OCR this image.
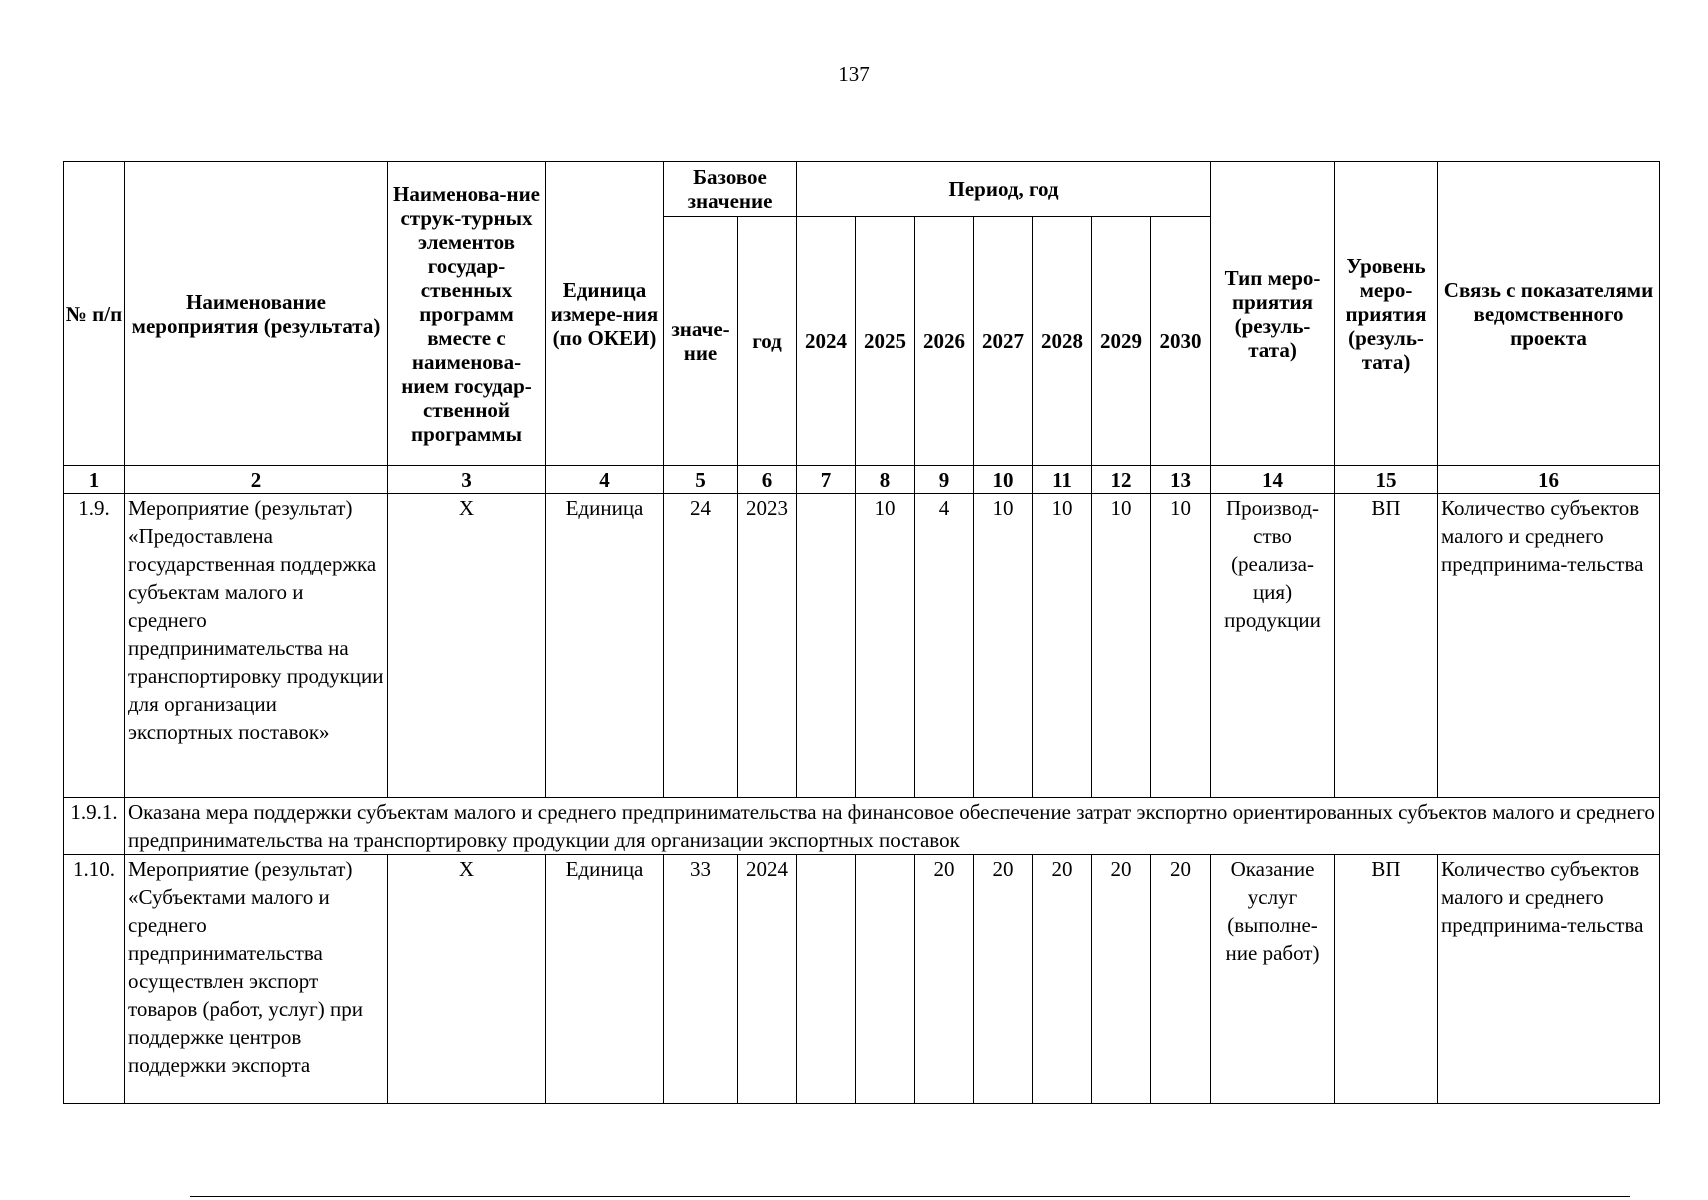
137
№ п/п	Наименование мероприятия (результата)	Наименова-ние струк-турных элементов государ-ственных программ вместе с наименова-нием государ-ственной программы	Единица измере-ния (по ОКЕИ)	Базовое значение		Период, год							Тип меро-приятия (резуль-тата)	Уровень меро-приятия (резуль-тата)	Связь с показателями ведомственного проекта
				значе-ние	год	2024	2025	2026	2027	2028	2029	2030			
1	2	3	4	5	6	7	8	9	10	11	12	13	14	15	16
1.9.	Мероприятие (результат) «Предоставлена государственная поддержка субъектам малого и среднего предпринимательства на транспортировку продукции для организации экспортных поставок»	Х	Единица	24	2023		10	4	10	10	10	10	Производ-ство (реализа-ция) продукции	ВП	Количество субъектов малого и среднего предпринима-тельства
1.9.1.	Оказана мера поддержки субъектам малого и среднего предпринимательства на финансовое обеспечение затрат экспортно ориентированных субъектов малого и среднего предпринимательства на транспортировку продукции для организации экспортных поставок														
1.10.	Мероприятие (результат) «Субъектами малого и среднего предпринимательства осуществлен экспорт товаров (работ, услуг) при поддержке центров поддержки экспорта	Х	Единица	33	2024			20	20	20	20	20	Оказание услуг (выполне-ние работ)	ВП	Количество субъектов малого и среднего предпринима-тельства
